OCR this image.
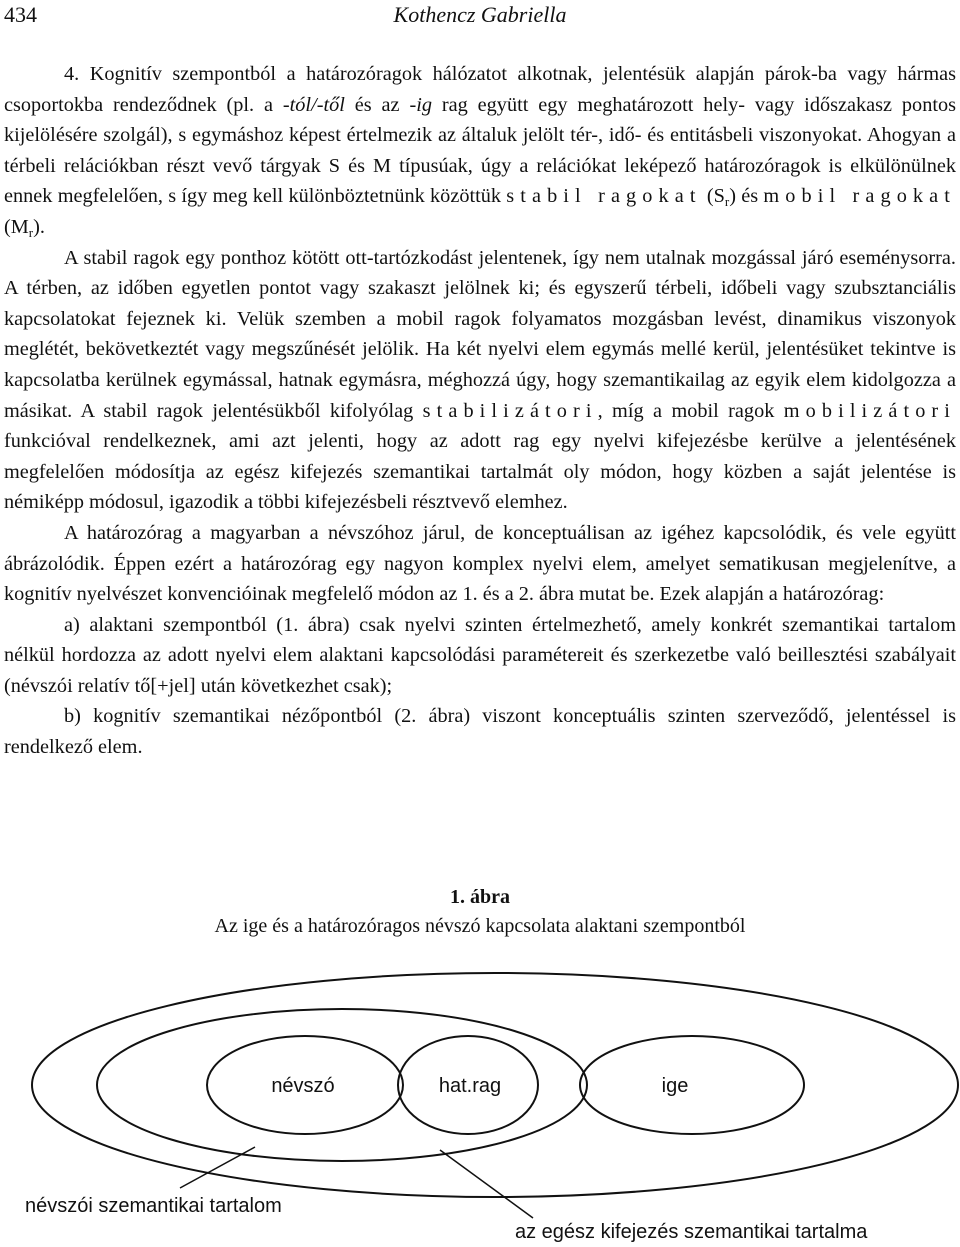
434	Kothencz Gabriella

4. Kognitív szempontból a határozóragok hálózatot alkotnak, jelentésük alapján párok-ba vagy hármas csoportokba rendeződnek (pl. a -tól/-től és az -ig rag együtt egy meghatározott hely- vagy időszakasz pontos kijelölésére szolgál), s egymáshoz képest értelmezik az általuk jelölt tér-, idő- és entitásbeli viszonyokat. Ahogyan a térbeli relációkban részt vevő tárgyak S és M típusúak, úgy a relációkat leképező határozóragok is elkülönülnek ennek megfelelően, s így meg kell különböztetnünk közöttük stabil ragokat $(S_r)$ és mobil ragokat $(M_r)$.

A stabil ragok egy ponthoz kötött ott-tartózkodást jelentenek, így nem utalnak mozgással járó eseménysorra. A térben, az időben egyetlen pontot vagy szakaszt jelölnek ki; és egyszerű térbeli, időbeli vagy szubsztanciális kapcsolatokat fejeznek ki. Velük szemben a mobil ragok folyamatos mozgásban levést, dinamikus viszonyok meglétét, bekövetkeztét vagy megszűnését jelölik. Ha két nyelvi elem egymás mellé kerül, jelentésüket tekintve is kapcsolatba kerülnek egymással, hatnak egymásra, méghozzá úgy, hogy szemantikailag az egyik elem kidolgozza a másikat. A stabil ragok jelentésükből kifolyólag stabilizátori, míg a mobil ragok mobilizátori funkcióval rendelkeznek, ami azt jelenti, hogy az adott rag egy nyelvi kifejezésbe kerülve a jelentésének megfelelően módosítja az egész kifejezés szemantikai tartalmát oly módon, hogy közben a saját jelentése is némiképp módosul, igazodik a többi kifejezésbeli résztvevő elemhez.

A határozórag a magyarban a névszóhoz járul, de konceptuálisan az igéhez kapcsolódik, és vele együtt ábrázolódik. Éppen ezért a határozórag egy nagyon komplex nyelvi elem, amelyet sematikusan megjelenítve, a kognitív nyelvészet konvencióinak megfelelő módon az 1. és a 2. ábra mutat be. Ezek alapján a határozórag:

a) alaktani szempontból (1. ábra) csak nyelvi szinten értelmezhető, amely konkrét szemantikai tartalom nélkül hordozza az adott nyelvi elem alaktani kapcsolódási paramétereit és szerkezetbe való beillesztési szabályait (névszói relatív tő[+jel] után következhet csak);

b) kognitív szemantikai nézőpontból (2. ábra) viszont konceptuális szinten szerveződő, jelentéssel is rendelkező elem.

1. ábra
Az ige és a határozóragos névszó kapcsolata alaktani szempontból
névszó	hat.rag	ige
névszói szemantikai tartalom
az egész kifejezés szemantikai tartalma
